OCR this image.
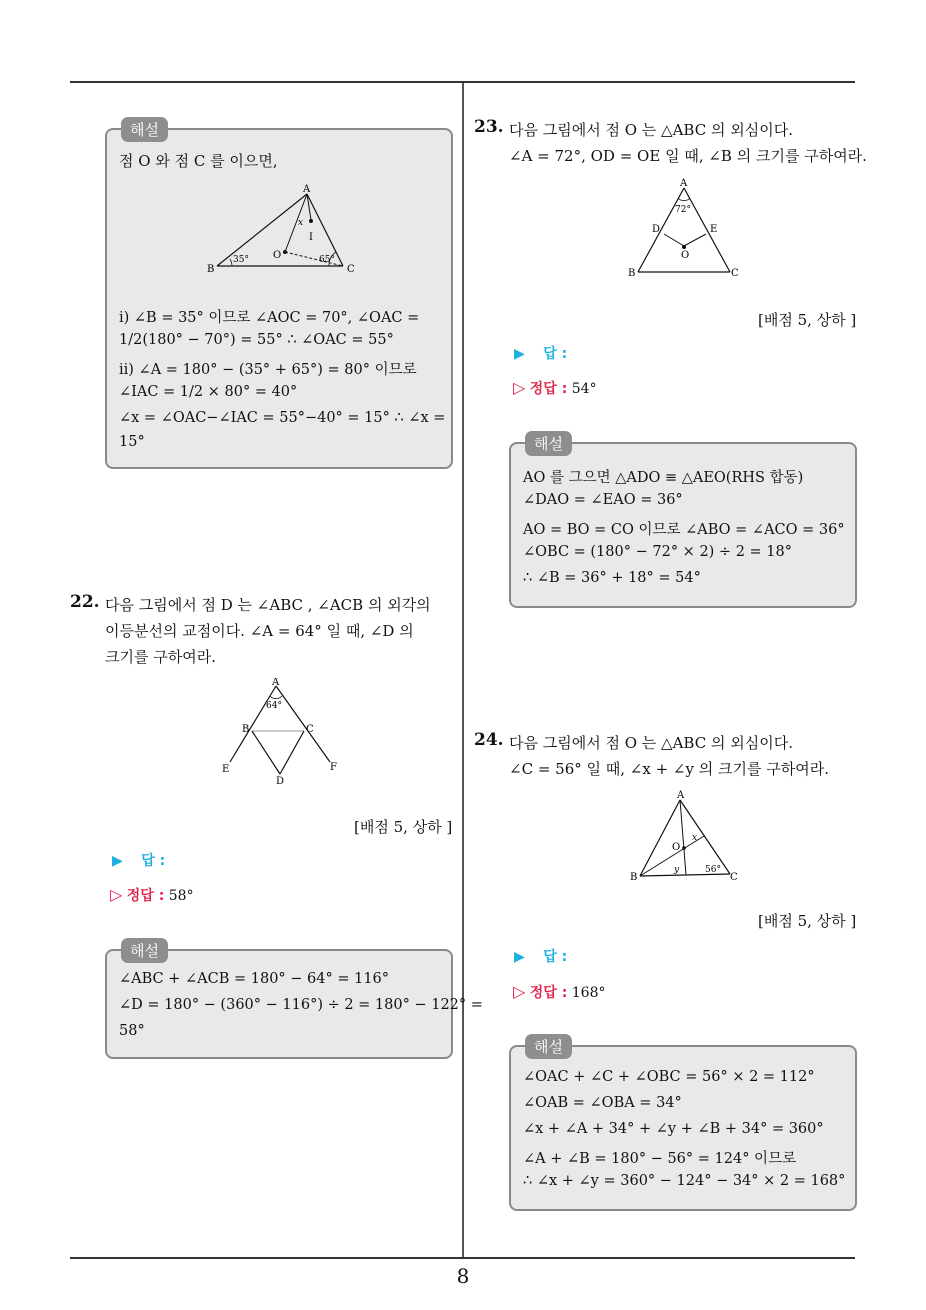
해설
점 O 와 점 C 를 이으면,
A
B	C
O
I
x
35°	65°
ⅰ) ∠B = 35° 이므로 ∠AOC = 70°, ∠OAC =
1/2(180° − 70°) = 55° ∴ ∠OAC = 55°
ⅱ) ∠A = 180° − (35° + 65°) = 80° 이므로
∠IAC = 1/2 × 80° = 40°
∠x = ∠OAC−∠IAC = 55°−40° = 15° ∴ ∠x =
15°
22. 다음 그림에서 점 D 는 ∠ABC , ∠ACB 의 외각의
이등분선의 교점이다. ∠A = 64° 일 때, ∠D 의
크기를 구하여라.
A
B	C
D
E	F
64°
[배점 5, 상하 ]
▶ 답 :
▷ 정답 : 58°
해설
∠ABC + ∠ACB = 180° − 64° = 116°
∠D = 180° − (360° − 116°) ÷ 2 = 180° − 122° =
58°
23. 다음 그림에서 점 O 는 △ABC 의 외심이다.
∠A = 72°, OD = OE 일 때, ∠B 의 크기를 구하여라.
A
B	C
D	E
O
72°
[배점 5, 상하 ]
▶ 답 :
▷ 정답 : 54°
해설
AO 를 그으면 △ADO ≡ △AEO(RHS 합동)
∠DAO = ∠EAO = 36°
AO = BO = CO 이므로 ∠ABO = ∠ACO = 36°
∠OBC = (180° − 72° × 2) ÷ 2 = 18°
∴ ∠B = 36° + 18° = 54°
24. 다음 그림에서 점 O 는 △ABC 의 외심이다.
∠C = 56° 일 때, ∠x + ∠y 의 크기를 구하여라.
A
B	C
O
x
y	56°
[배점 5, 상하 ]
▶ 답 :
▷ 정답 : 168°
해설
∠OAC + ∠C + ∠OBC = 56° × 2 = 112°
∠OAB = ∠OBA = 34°
∠x + ∠A + 34° + ∠y + ∠B + 34° = 360°
∠A + ∠B = 180° − 56° = 124° 이므로
∴ ∠x + ∠y = 360° − 124° − 34° × 2 = 168°
8
